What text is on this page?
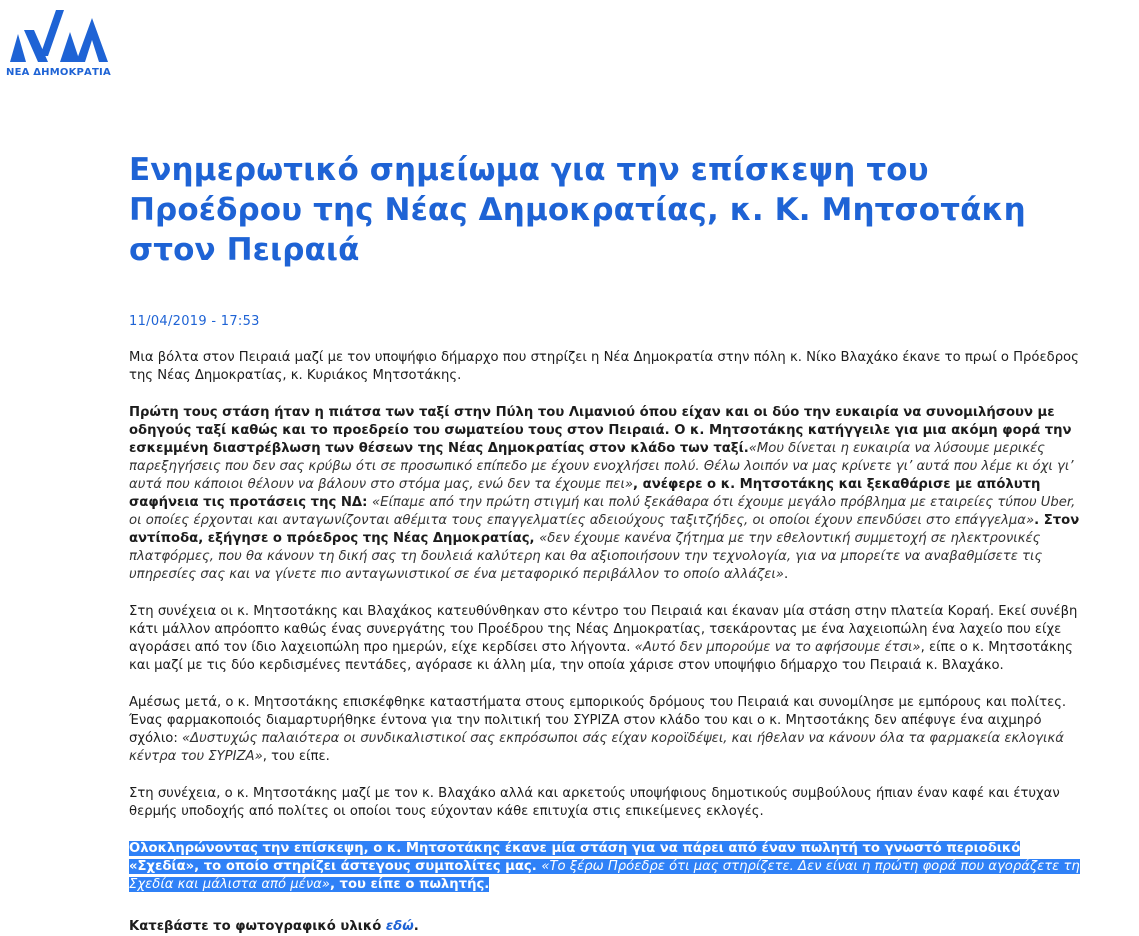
ΝΕΑ ΔΗΜΟΚΡΑΤΙΑ
Ενημερωτικό σημείωμα για την επίσκεψη του Προέδρου της Νέας Δημοκρατίας, κ. Κ. Μητσοτάκη στον Πειραιά
11/04/2019 - 17:53

Μια βόλτα στον Πειραιά μαζί με τον υποψήφιο δήμαρχο που στηρίζει η Νέα Δημοκρατία στην πόλη κ. Νίκο Βλαχάκο έκανε το πρωί ο Πρόεδρος της Νέας Δημοκρατίας, κ. Κυριάκος Μητσοτάκης.

Πρώτη τους στάση ήταν η πιάτσα των ταξί στην Πύλη του Λιμανιού όπου είχαν και οι δύο την ευκαιρία να συνομιλήσουν με οδηγούς ταξί καθώς και το προεδρείο του σωματείου τους στον Πειραιά. Ο κ. Μητσοτάκης κατήγγειλε για μια ακόμη φορά την εσκεμμένη διαστρέβλωση των θέσεων της Νέας Δημοκρατίας στον κλάδο των ταξί.«Μου δίνεται η ευκαιρία να λύσουμε μερικές παρεξηγήσεις που δεν σας κρύβω ότι σε προσωπικό επίπεδο με έχουν ενοχλήσει πολύ. Θέλω λοιπόν να μας κρίνετε γι’ αυτά που λέμε κι όχι γι’ αυτά που κάποιοι θέλουν να βάλουν στο στόμα μας, ενώ δεν τα έχουμε πει», ανέφερε ο κ. Μητσοτάκης και ξεκαθάρισε με απόλυτη σαφήνεια τις προτάσεις της ΝΔ: «Είπαμε από την πρώτη στιγμή και πολύ ξεκάθαρα ότι έχουμε μεγάλο πρόβλημα με εταιρείες τύπου Uber, οι οποίες έρχονται και ανταγωνίζονται αθέμιτα τους επαγγελματίες αδειούχους ταξιτζήδες, οι οποίοι έχουν επενδύσει στο επάγγελμα». Στον αντίποδα, εξήγησε ο πρόεδρος της Νέας Δημοκρατίας, «δεν έχουμε κανένα ζήτημα με την εθελοντική συμμετοχή σε ηλεκτρονικές πλατφόρμες, που θα κάνουν τη δική σας τη δουλειά καλύτερη και θα αξιοποιήσουν την τεχνολογία, για να μπορείτε να αναβαθμίσετε τις υπηρεσίες σας και να γίνετε πιο ανταγωνιστικοί σε ένα μεταφορικό περιβάλλον το οποίο αλλάζει».

Στη συνέχεια οι κ. Μητσοτάκης και Βλαχάκος κατευθύνθηκαν στο κέντρο του Πειραιά και έκαναν μία στάση στην πλατεία Κοραή. Εκεί συνέβη κάτι μάλλον απρόοπτο καθώς ένας συνεργάτης του Προέδρου της Νέας Δημοκρατίας, τσεκάροντας με ένα λαχειοπώλη ένα λαχείο που είχε αγοράσει από τον ίδιο λαχειοπώλη προ ημερών, είχε κερδίσει στο λήγοντα. «Αυτό δεν μπορούμε να το αφήσουμε έτσι», είπε ο κ. Μητσοτάκης και μαζί με τις δύο κερδισμένες πεντάδες, αγόρασε κι άλλη μία, την οποία χάρισε στον υποψήφιο δήμαρχο του Πειραιά κ. Βλαχάκο.

Αμέσως μετά, ο κ. Μητσοτάκης επισκέφθηκε καταστήματα στους εμπορικούς δρόμους του Πειραιά και συνομίλησε με εμπόρους και πολίτες. Ένας φαρμακοποιός διαμαρτυρήθηκε έντονα για την πολιτική του ΣΥΡΙΖΑ στον κλάδο του και ο κ. Μητσοτάκης δεν απέφυγε ένα αιχμηρό σχόλιο: «Δυστυχώς παλαιότερα οι συνδικαλιστικοί σας εκπρόσωποι σάς είχαν κοροϊδέψει, και ήθελαν να κάνουν όλα τα φαρμακεία εκλογικά κέντρα του ΣΥΡΙΖΑ», του είπε.

Στη συνέχεια, ο κ. Μητσοτάκης μαζί με τον κ. Βλαχάκο αλλά και αρκετούς υποψήφιους δημοτικούς συμβούλους ήπιαν έναν καφέ και έτυχαν θερμής υποδοχής από πολίτες οι οποίοι τους εύχονταν κάθε επιτυχία στις επικείμενες εκλογές.

Ολοκληρώνοντας την επίσκεψη, ο κ. Μητσοτάκης έκανε μία στάση για να πάρει από έναν πωλητή το γνωστό περιοδικό «Σχεδία», το οποίο στηρίζει άστεγους συμπολίτες μας. «Το ξέρω Πρόεδρε ότι μας στηρίζετε. Δεν είναι η πρώτη φορά που αγοράζετε τη Σχεδία και μάλιστα από μένα», του είπε ο πωλητής.

Κατεβάστε το φωτογραφικό υλικό εδώ.
